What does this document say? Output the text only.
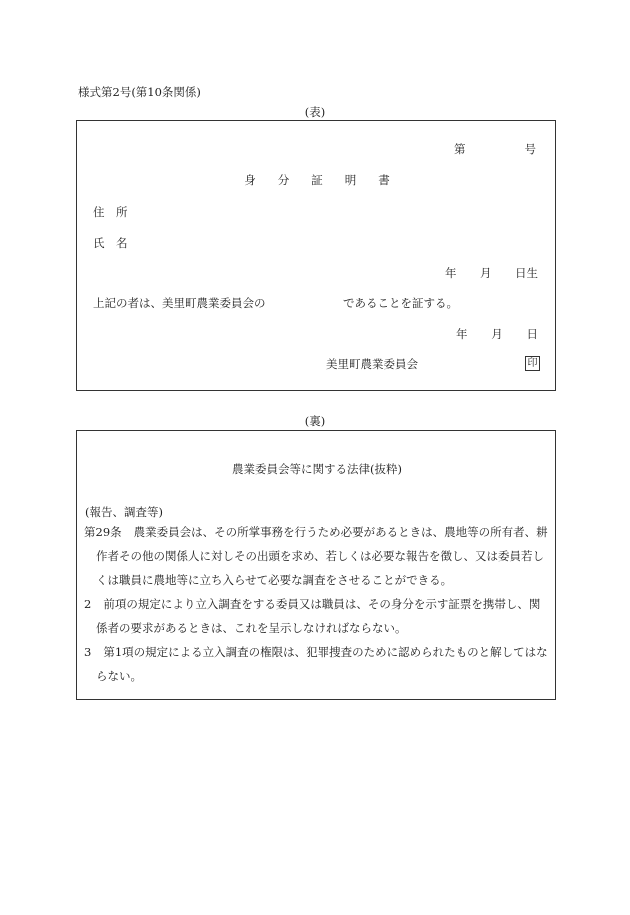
様式第2号(第10条関係)
(表)
第	号
身分証明書
住　所
氏　名
年 月 日生
上記の者は、美里町農業委員会の	であることを証する。
年 月 日
美里町農業委員会	印
(裏)
農業委員会等に関する法律(抜粋)
(報告、調査等)
第29条 農業委員会は、その所掌事務を行うため必要があるときは、農地等の所有者、耕
作者その他の関係人に対しその出頭を求め、若しくは必要な報告を徴し、又は委員若し
くは職員に農地等に立ち入らせて必要な調査をさせることができる。
2 前項の規定により立入調査をする委員又は職員は、その身分を示す証票を携帯し、関
係者の要求があるときは、これを呈示しなければならない。
3 第1項の規定による立入調査の権限は、犯罪捜査のために認められたものと解してはな
らない。
